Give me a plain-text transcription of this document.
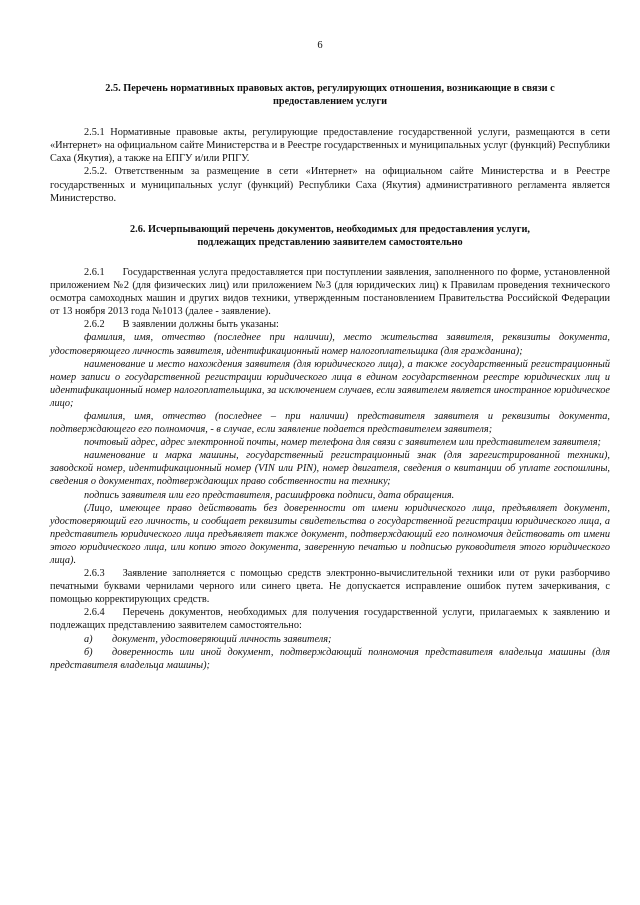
6
2.5. Перечень нормативных правовых актов, регулирующих отношения, возникающие в связи с
предоставлением услуги

2.5.1 Нормативные правовые акты, регулирующие предоставление государственной услуги, размещаются в сети «Интернет» на официальном сайте Министерства и в Реестре государственных и муниципальных услуг (функций) Республики Саха (Якутия), а также на ЕПГУ и/или РПГУ.

2.5.2. Ответственным за размещение в сети «Интернет» на официальном сайте Министерства и в Реестре государственных и муниципальных услуг (функций) Республики Саха (Якутия) административного регламента является Министерство.

2.6. Исчерпывающий перечень документов, необходимых для предоставления услуги,
подлежащих представлению заявителем самостоятельно

2.6.1 Государственная услуга предоставляется при поступлении заявления, заполненного по форме, установленной приложением №2 (для физических лиц) или приложением №3 (для юридических лиц) к Правилам проведения технического осмотра самоходных машин и других видов техники, утвержденным постановлением Правительства Российской Федерации от 13 ноября 2013 года №1013 (далее - заявление).

2.6.2 В заявлении должны быть указаны:

фамилия, имя, отчество (последнее при наличии), место жительства заявителя, реквизиты документа, удостоверяющего личность заявителя, идентификационный номер налогоплательщика (для гражданина);

наименование и место нахождения заявителя (для юридического лица), а также государственный регистрационный номер записи о государственной регистрации юридического лица в едином государственном реестре юридических лиц и идентификационный номер налогоплательщика, за исключением случаев, если заявителем является иностранное юридическое лицо;

фамилия, имя, отчество (последнее – при наличии) представителя заявителя и реквизиты документа, подтверждающего его полномочия, - в случае, если заявление подается представителем заявителя;

почтовый адрес, адрес электронной почты, номер телефона для связи с заявителем или представителем заявителя;

наименование и марка машины, государственный регистрационный знак (для зарегистрированной техники), заводской номер, идентификационный номер (VIN или PIN), номер двигателя, сведения о квитанции об уплате госпошлины, сведения о документах, подтверждающих право собственности на технику;

подпись заявителя или его представителя, расшифровка подписи, дата обращения.

(Лицо, имеющее право действовать без доверенности от имени юридического лица, предъявляет документ, удостоверяющий его личность, и сообщает реквизиты свидетельства о государственной регистрации юридического лица, а представитель юридического лица предъявляет также документ, подтверждающий его полномочия действовать от имени этого юридического лица, или копию этого документа, заверенную печатью и подписью руководителя этого юридического лица).

2.6.3 Заявление заполняется с помощью средств электронно-вычислительной техники или от руки разборчиво печатными буквами чернилами черного или синего цвета. Не допускается исправление ошибок путем зачеркивания, с помощью корректирующих средств.

2.6.4 Перечень документов, необходимых для получения государственной услуги, прилагаемых к заявлению и подлежащих представлению заявителем самостоятельно:

а) документ, удостоверяющий личность заявителя;

б) доверенность или иной документ, подтверждающий полномочия представителя владельца машины (для представителя владельца машины);
